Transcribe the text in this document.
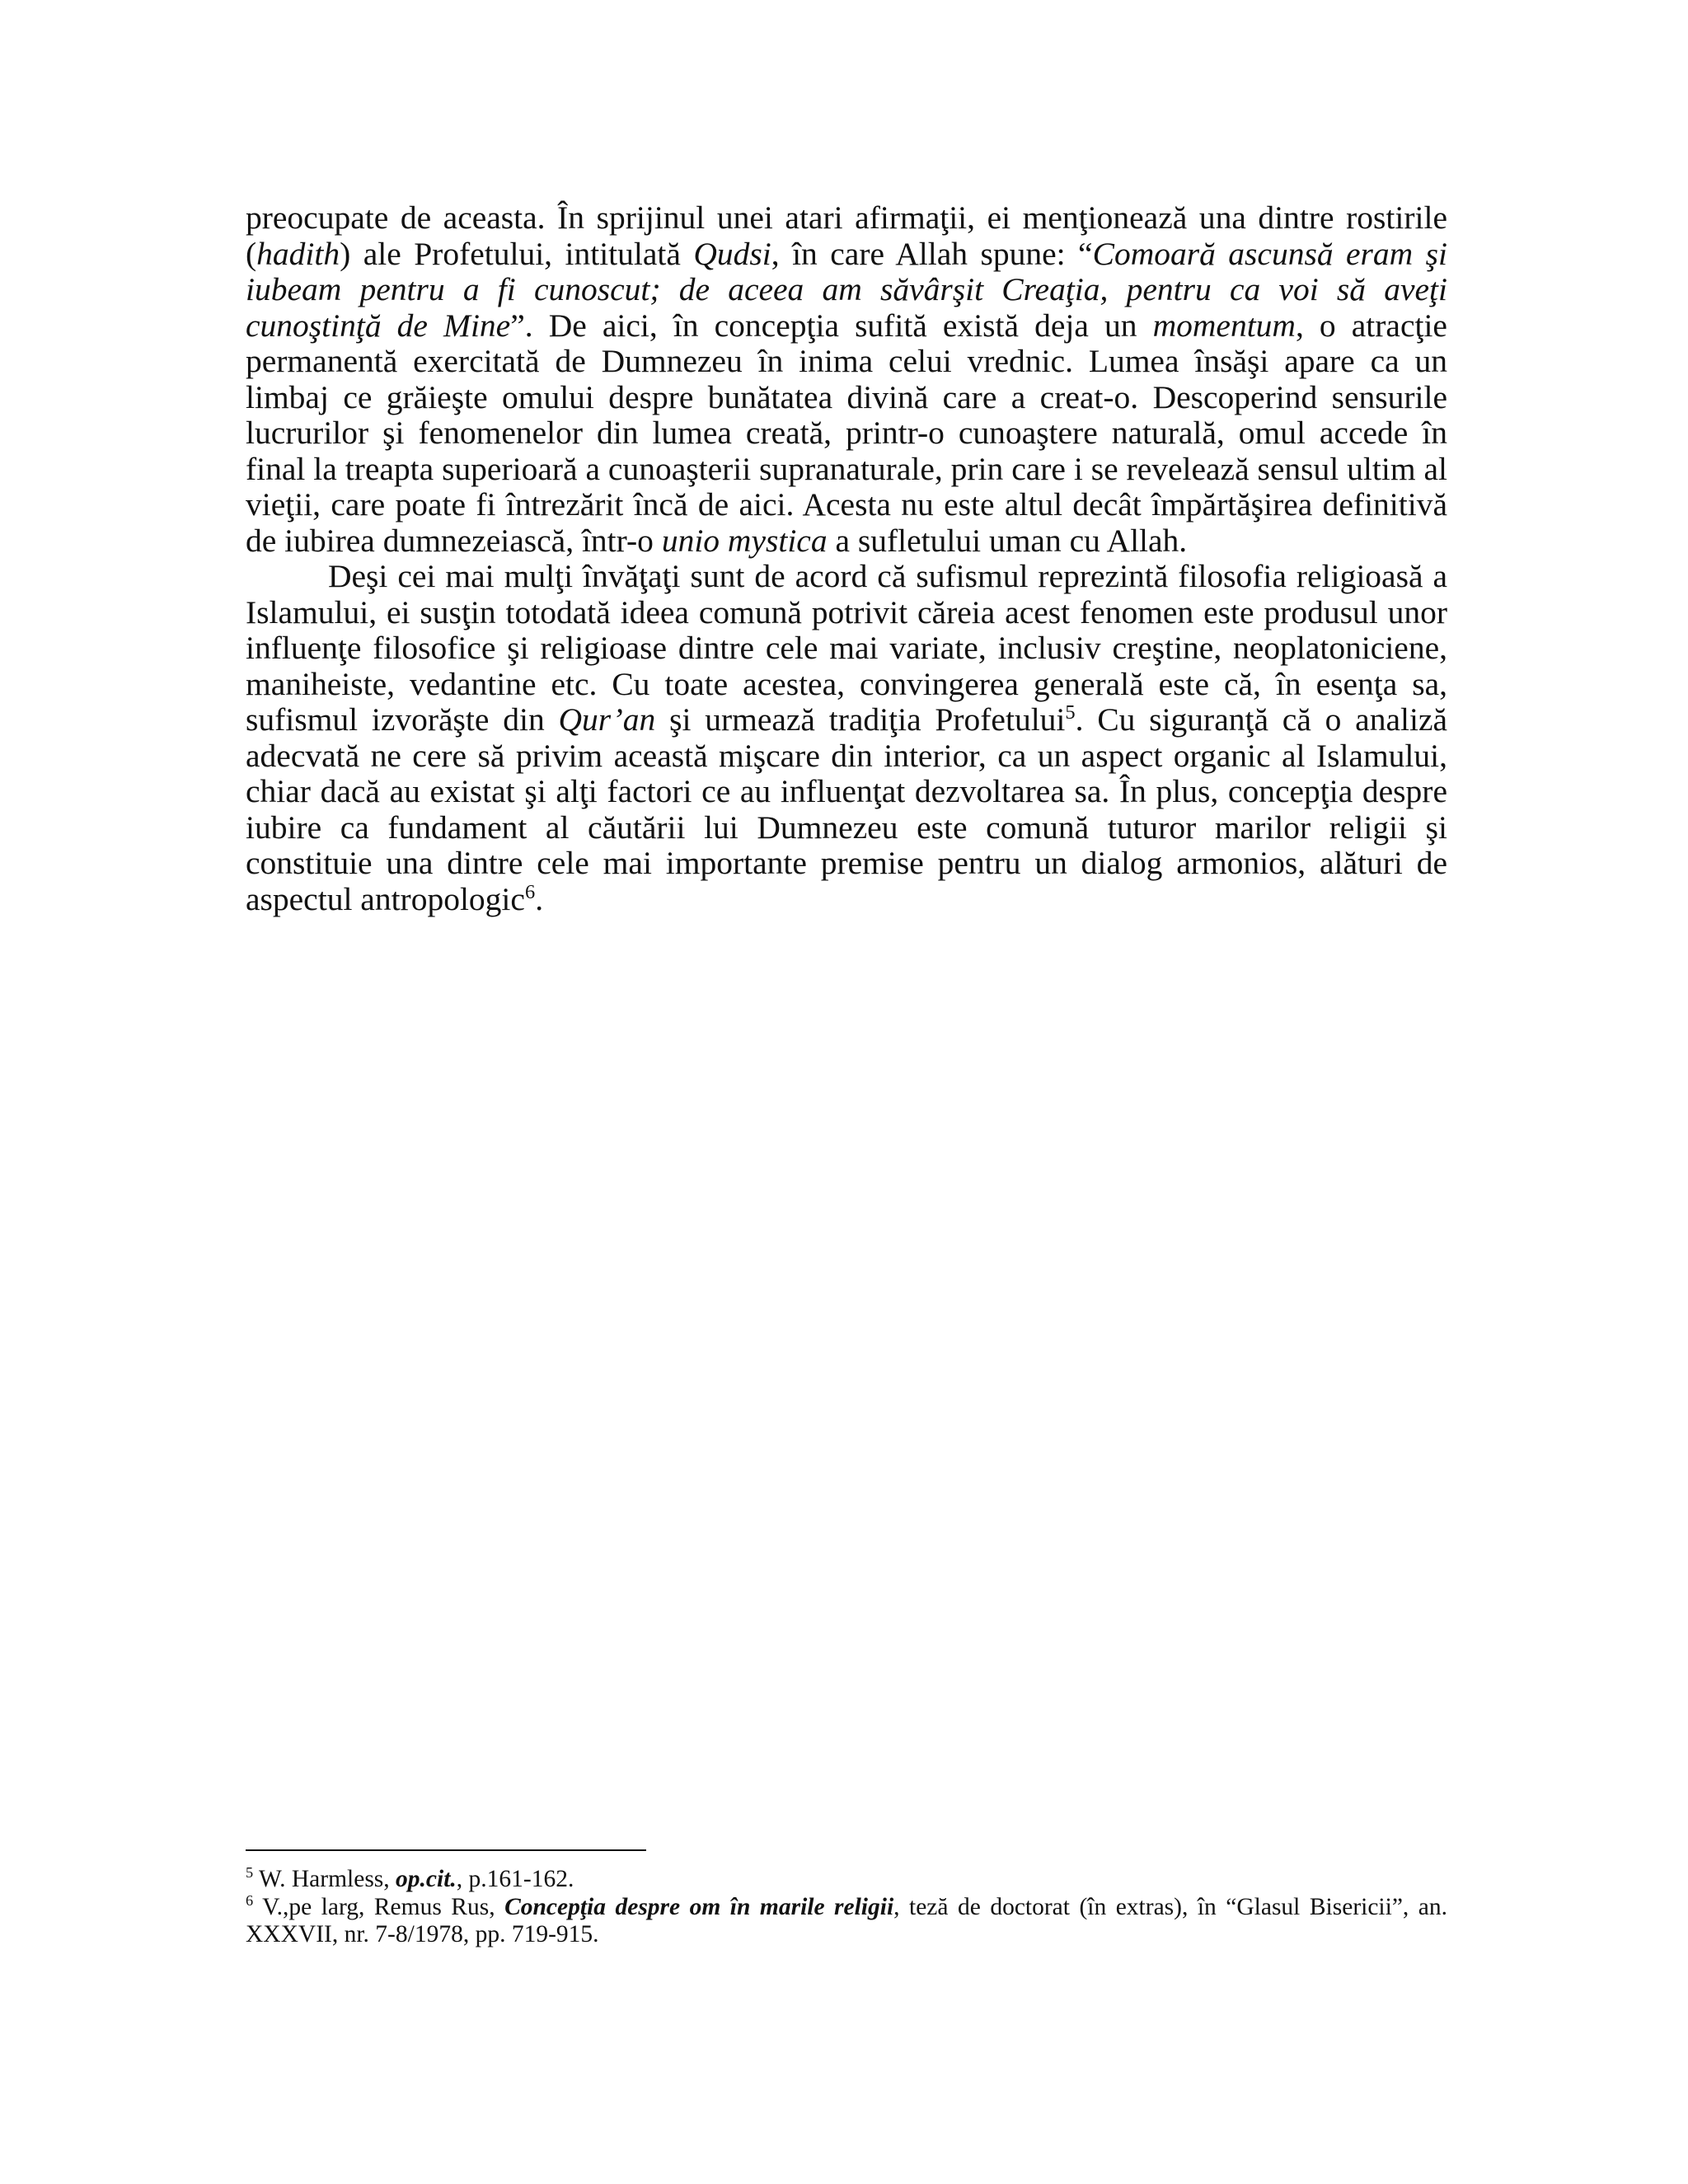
preocupate de aceasta. În sprijinul unei atari afirmaţii, ei menţionează una dintre rostirile (hadith) ale Profetului, intitulată Qudsi, în care Allah spune: “Comoară ascunsă eram şi iubeam pentru a fi cunoscut; de aceea am săvârşit Creaţia, pentru ca voi să aveţi cunoştinţă de Mine”. De aici, în concepţia sufită există deja un momentum, o atracţie permanentă exercitată de Dumnezeu în inima celui vrednic. Lumea însăşi apare ca un limbaj ce grăieşte omului despre bunătatea divină care a creat-o. Descoperind sensurile lucrurilor şi fenomenelor din lumea creată, printr-o cunoaştere naturală, omul accede în final la treapta superioară a cunoaşterii supranaturale, prin care i se revelează sensul ultim al vieţii, care poate fi întrezărit încă de aici. Acesta nu este altul decât împărtăşirea definitivă de iubirea dumnezeiască, într-o unio mystica a sufletului uman cu Allah.

Deşi cei mai mulţi învăţaţi sunt de acord că sufismul reprezintă filosofia religioasă a Islamului, ei susţin totodată ideea comună potrivit căreia acest fenomen este produsul unor influenţe filosofice şi religioase dintre cele mai variate, inclusiv creştine, neoplatoniciene, maniheiste, vedantine etc. Cu toate acestea, convingerea generală este că, în esenţa sa, sufismul izvorăşte din Qur’an şi urmează tradiţia Profetului$^5$. Cu siguranţă că o analiză adecvată ne cere să privim această mişcare din interior, ca un aspect organic al Islamului, chiar dacă au existat şi alţi factori ce au influenţat dezvoltarea sa. În plus, concepţia despre iubire ca fundament al căutării lui Dumnezeu este comună tuturor marilor religii şi constituie una dintre cele mai importante premise pentru un dialog armonios, alături de aspectul antropologic$^6$.

$^5$ W. Harmless, op.cit., p.161-162.

$^6$ V.,pe larg, Remus Rus, Concepţia despre om în marile religii, teză de doctorat (în extras), în “Glasul Bisericii”, an. XXXVII, nr. 7-8/1978, pp. 719-915.
